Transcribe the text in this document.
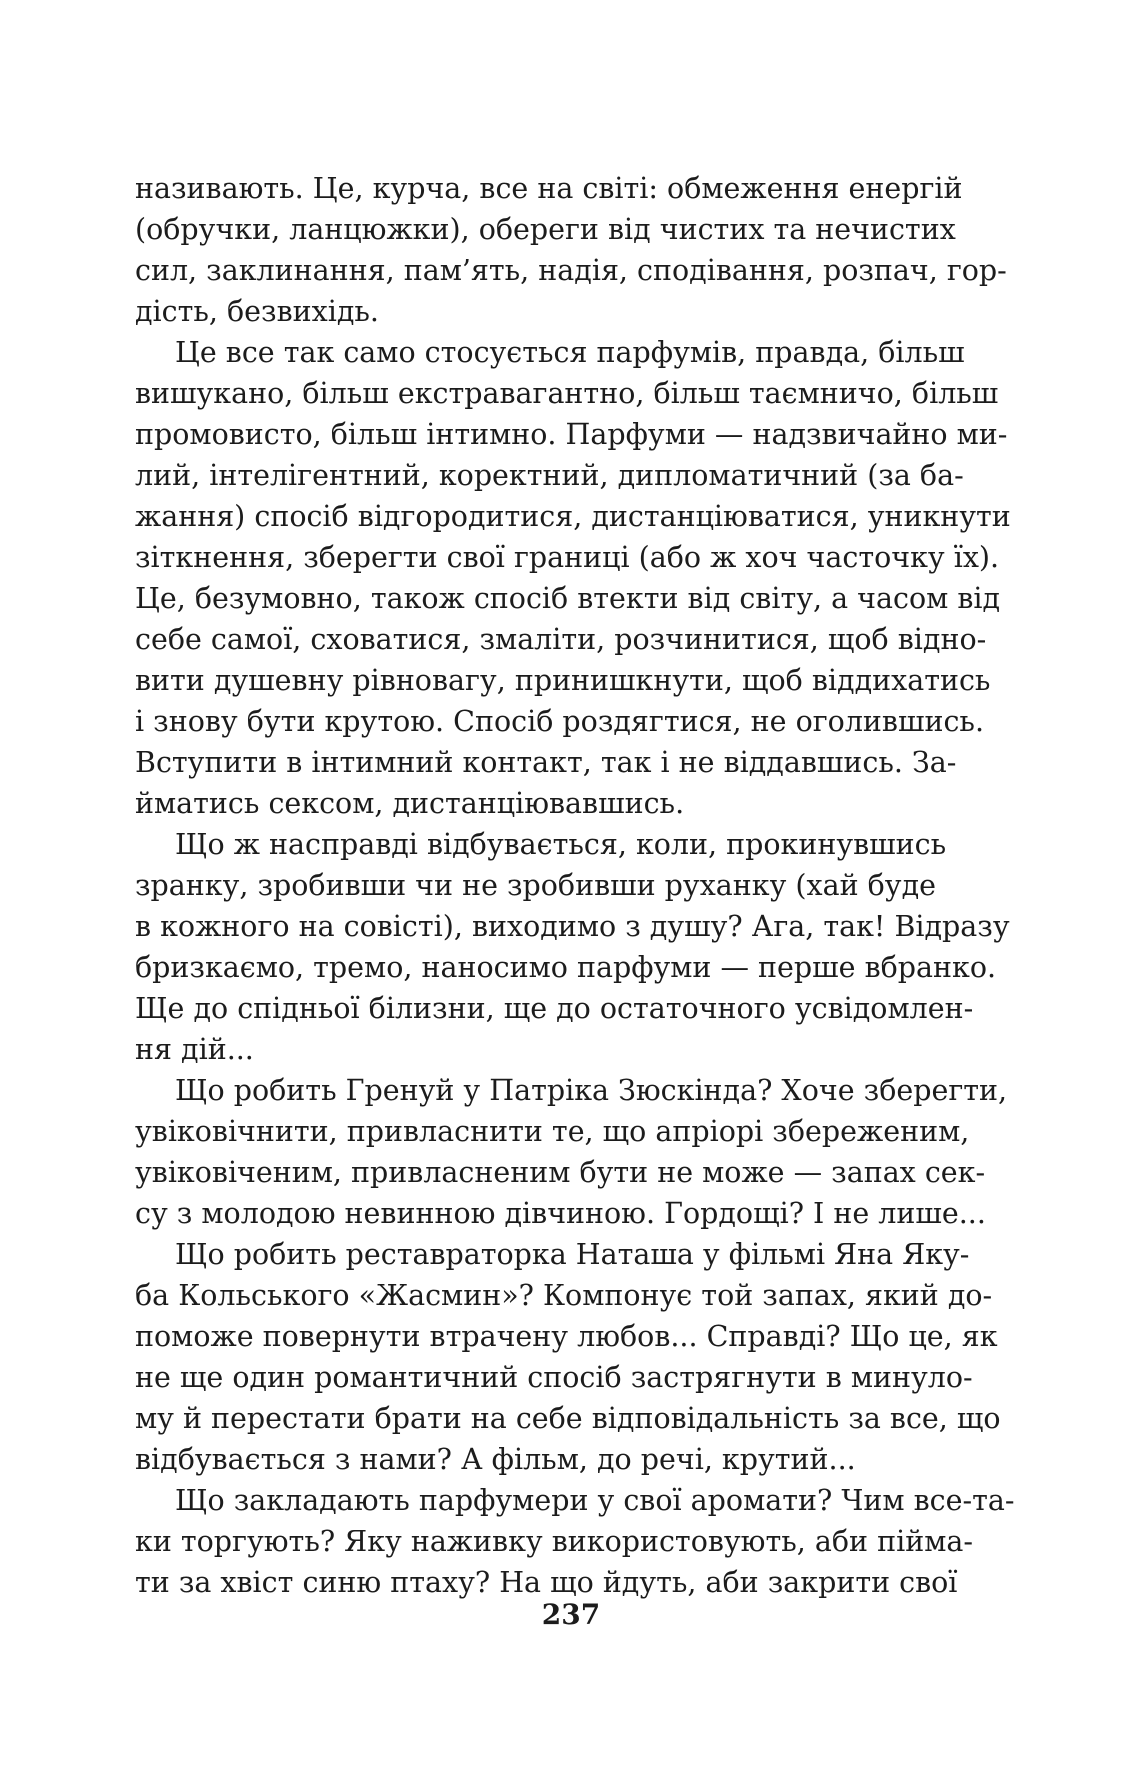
називають. Це, курча, все на світі: обмеження енергій
(обручки, ланцюжки), обереги від чистих та нечистих
сил, заклинання, пам’ять, надія, сподівання, розпач, гор-
дість, безвихідь.
Це все так само стосується парфумів, правда, більш
вишукано, більш екстравагантно, більш таємничо, більш
промовисто, більш інтимно. Парфуми — надзвичайно ми-
лий, інтелігентний, коректний, дипломатичний (за ба-
жання) спосіб відгородитися, дистанціюватися, уникнути
зіткнення, зберегти свої границі (або ж хоч часточку їх).
Це, безумовно, також спосіб втекти від світу, а часом від
себе самої, сховатися, змаліти, розчинитися, щоб відно-
вити душевну рівновагу, принишкнути, щоб віддихатись
і знову бути крутою. Спосіб роздягтися, не оголившись.
Вступити в інтимний контакт, так і не віддавшись. За-
йматись сексом, дистанціювавшись.
Що ж насправді відбувається, коли, прокинувшись
зранку, зробивши чи не зробивши руханку (хай буде
в кожного на совісті), виходимо з душу? Ага, так! Відразу
бризкаємо, тремо, наносимо парфуми — перше вбранко.
Ще до спідньої білизни, ще до остаточного усвідомлен-
ня дій...
Що робить Гренуй у Патріка Зюскінда? Хоче зберегти,
увіковічнити, привласнити те, що апріорі збереженим,
увіковіченим, привласненим бути не може — запах сек-
су з молодою невинною дівчиною. Гордощі? І не лише...
Що робить реставраторка Наташа у фільмі Яна Яку-
ба Кольського «Жасмин»? Компонує той запах, який до-
поможе повернути втрачену любов... Справді? Що це, як
не ще один романтичний спосіб застрягнути в минуло-
му й перестати брати на себе відповідальність за все, що
відбувається з нами? А фільм, до речі, крутий...
Що закладають парфумери у свої аромати? Чим все-та-
ки торгують? Яку наживку використовують, аби пійма-
ти за хвіст синю птаху? На що йдуть, аби закрити свої
237
